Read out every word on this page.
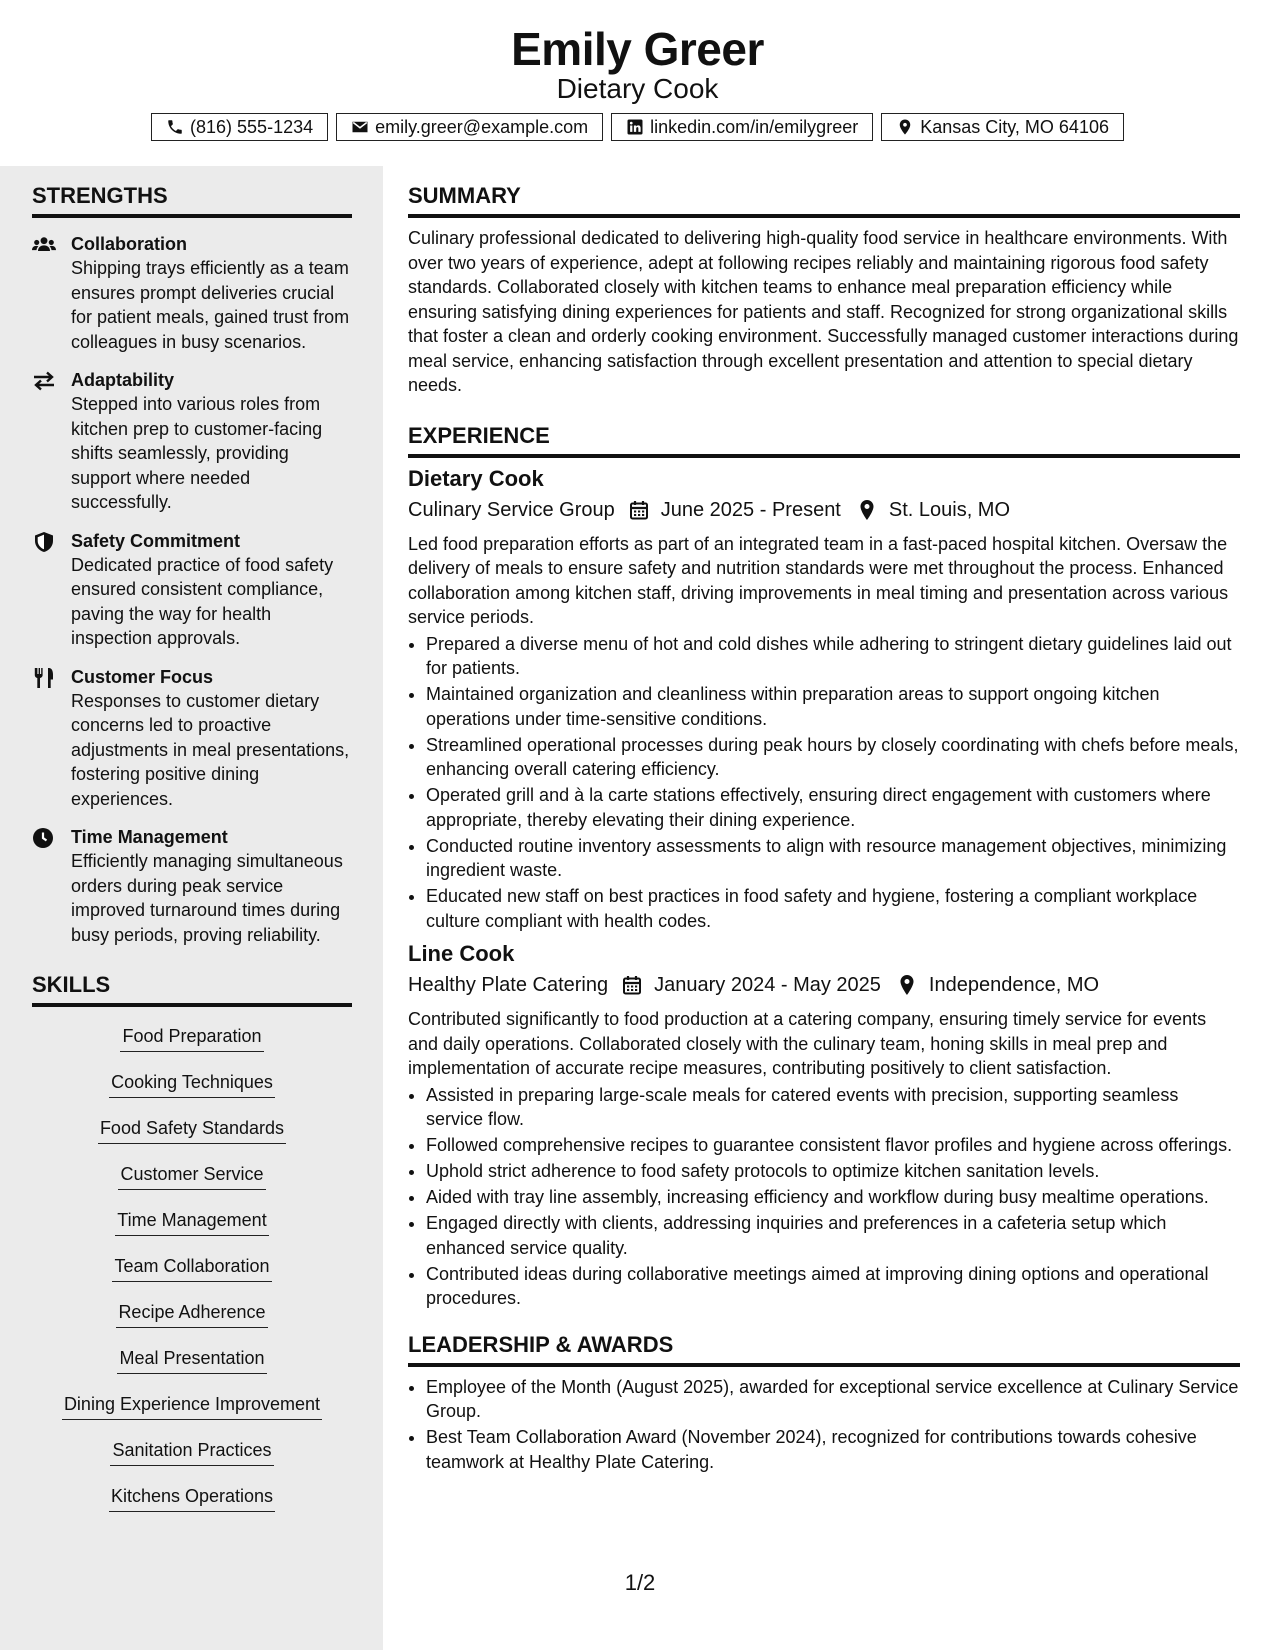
Emily Greer
Dietary Cook
(816) 555-1234	emily.greer@example.com	linkedin.com/in/emilygreer	Kansas City, MO 64106
STRENGTHS
Collaboration
Shipping trays efficiently as a team ensures prompt deliveries crucial for patient meals, gained trust from colleagues in busy scenarios.
Adaptability
Stepped into various roles from kitchen prep to customer-facing shifts seamlessly, providing support where needed successfully.
Safety Commitment
Dedicated practice of food safety ensured consistent compliance, paving the way for health inspection approvals.
Customer Focus
Responses to customer dietary concerns led to proactive adjustments in meal presentations, fostering positive dining experiences.
Time Management
Efficiently managing simultaneous orders during peak service improved turnaround times during busy periods, proving reliability.
SKILLS
Food Preparation
Cooking Techniques
Food Safety Standards
Customer Service
Time Management
Team Collaboration
Recipe Adherence
Meal Presentation
Dining Experience Improvement
Sanitation Practices
Kitchens Operations
SUMMARY
Culinary professional dedicated to delivering high-quality food service in healthcare environments. With over two years of experience, adept at following recipes reliably and maintaining rigorous food safety standards. Collaborated closely with kitchen teams to enhance meal preparation efficiency while ensuring satisfying dining experiences for patients and staff. Recognized for strong organizational skills that foster a clean and orderly cooking environment. Successfully managed customer interactions during meal service, enhancing satisfaction through excellent presentation and attention to special dietary needs.
EXPERIENCE
Dietary Cook
Culinary Service Group June 2025 - Present St. Louis, MO
Led food preparation efforts as part of an integrated team in a fast-paced hospital kitchen. Oversaw the delivery of meals to ensure safety and nutrition standards were met throughout the process. Enhanced collaboration among kitchen staff, driving improvements in meal timing and presentation across various service periods.
• Prepared a diverse menu of hot and cold dishes while adhering to stringent dietary guidelines laid out for patients.
• Maintained organization and cleanliness within preparation areas to support ongoing kitchen operations under time-sensitive conditions.
• Streamlined operational processes during peak hours by closely coordinating with chefs before meals, enhancing overall catering efficiency.
• Operated grill and à la carte stations effectively, ensuring direct engagement with customers where appropriate, thereby elevating their dining experience.
• Conducted routine inventory assessments to align with resource management objectives, minimizing ingredient waste.
• Educated new staff on best practices in food safety and hygiene, fostering a compliant workplace culture compliant with health codes.
Line Cook
Healthy Plate Catering January 2024 - May 2025 Independence, MO
Contributed significantly to food production at a catering company, ensuring timely service for events and daily operations. Collaborated closely with the culinary team, honing skills in meal prep and implementation of accurate recipe measures, contributing positively to client satisfaction.
• Assisted in preparing large-scale meals for catered events with precision, supporting seamless service flow.
• Followed comprehensive recipes to guarantee consistent flavor profiles and hygiene across offerings.
• Uphold strict adherence to food safety protocols to optimize kitchen sanitation levels.
• Aided with tray line assembly, increasing efficiency and workflow during busy mealtime operations.
• Engaged directly with clients, addressing inquiries and preferences in a cafeteria setup which enhanced service quality.
• Contributed ideas during collaborative meetings aimed at improving dining options and operational procedures.
LEADERSHIP & AWARDS
• Employee of the Month (August 2025), awarded for exceptional service excellence at Culinary Service Group.
• Best Team Collaboration Award (November 2024), recognized for contributions towards cohesive teamwork at Healthy Plate Catering.
1/2
